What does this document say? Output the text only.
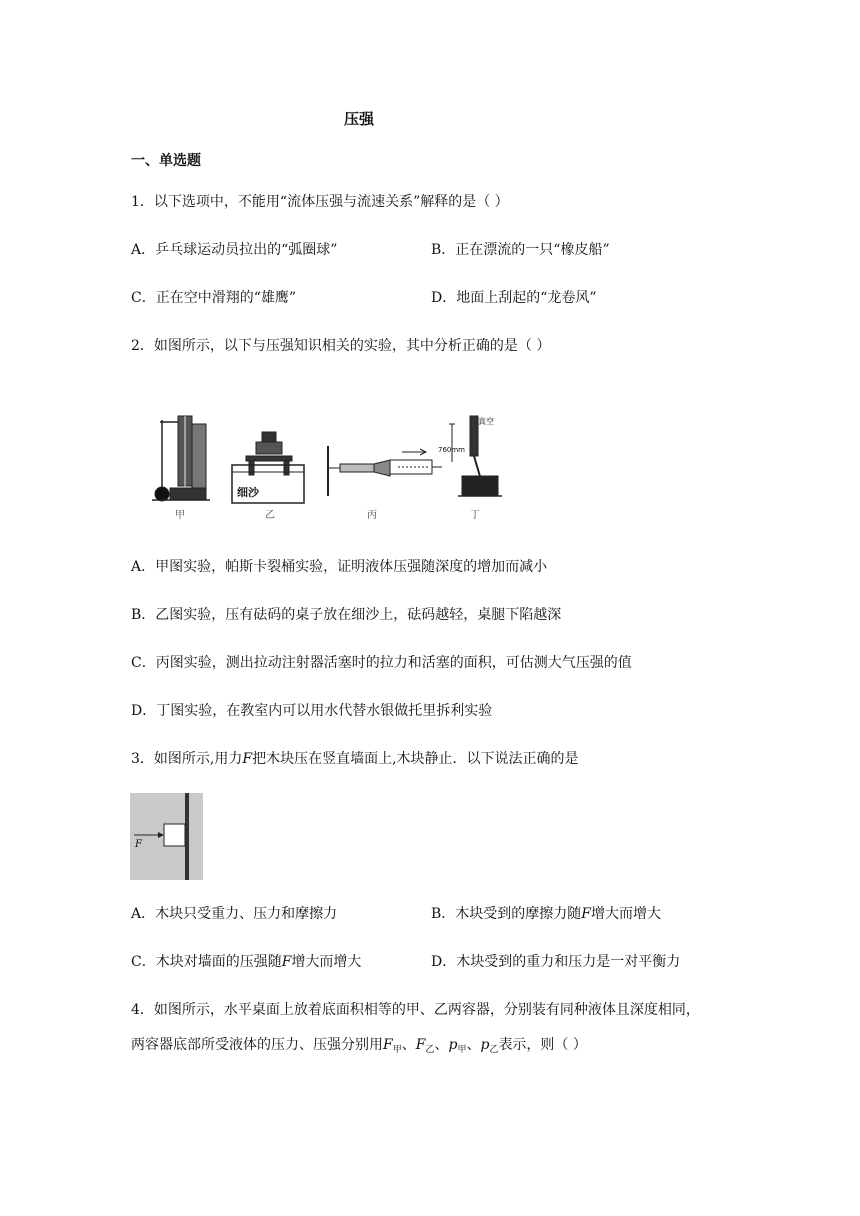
压强
一、单选题
1．以下选项中，不能用“流体压强与流速关系”解释的是（ ）
A．乒乓球运动员拉出的“弧圈球”	B．正在漂流的一只“橡皮船”
C．正在空中滑翔的“雄鹰”	D．地面上刮起的“龙卷风”
2．如图所示，以下与压强知识相关的实验，其中分析正确的是（ ）
细沙
真空
760mm
甲	乙	丙	丁
A．甲图实验，帕斯卡裂桶实验，证明液体压强随深度的增加而减小
B．乙图实验，压有砝码的桌子放在细沙上，砝码越轻，桌腿下陷越深
C．丙图实验，测出拉动注射器活塞时的拉力和活塞的面积，可估测大气压强的值
D．丁图实验，在教室内可以用水代替水银做托里拆利实验
3．如图所示,用力F把木块压在竖直墙面上,木块静止．以下说法正确的是
F
A．木块只受重力、压力和摩擦力	B．木块受到的摩擦力随F增大而增大
C．木块对墙面的压强随F增大而增大	D．木块受到的重力和压力是一对平衡力
4．如图所示，水平桌面上放着底面积相等的甲、乙两容器，分别装有同种液体且深度相同，
两容器底部所受液体的压力、压强分别用$F_甲$、$F_乙$、$p_甲$、$p_乙$表示，则（ ）
